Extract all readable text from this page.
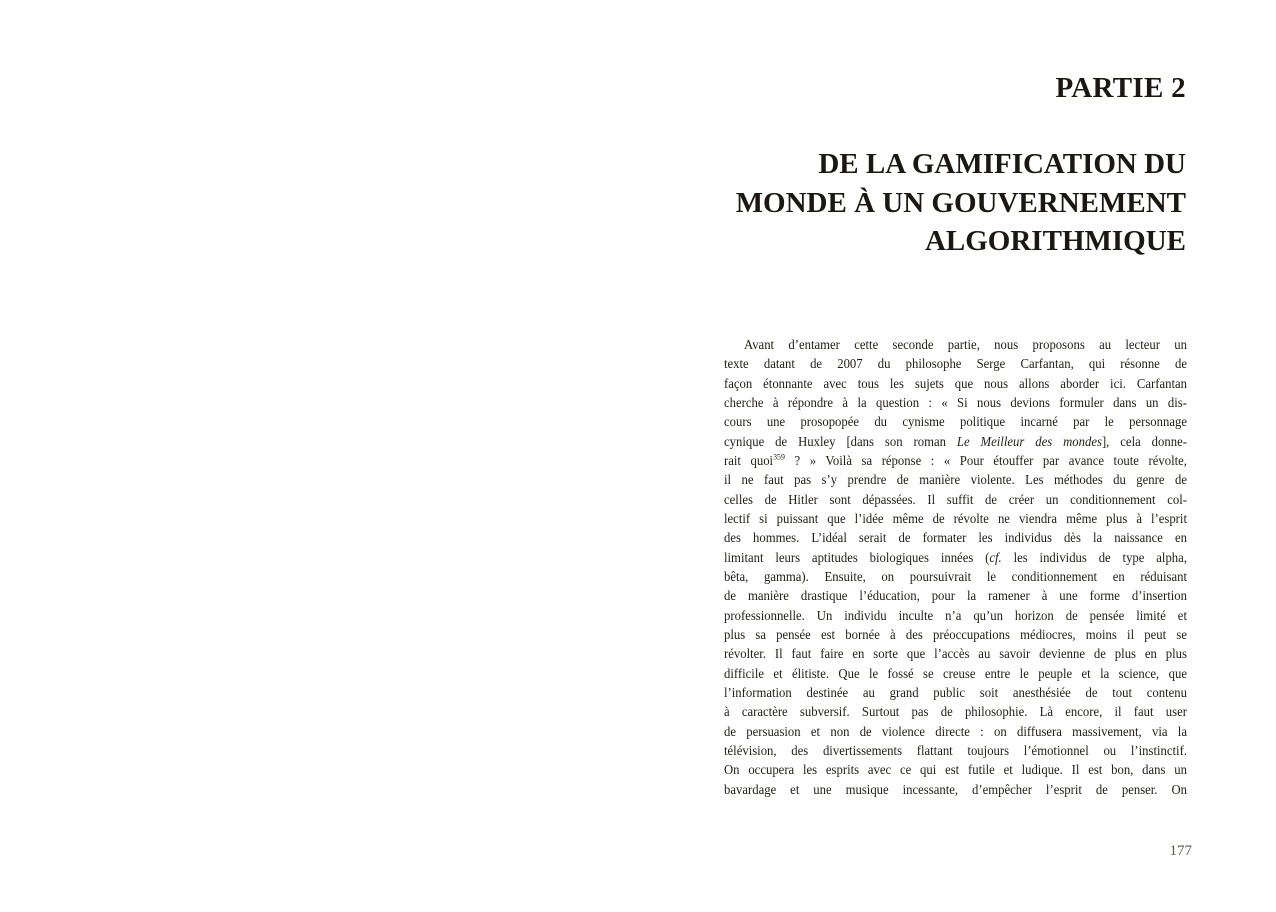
PARTIE 2
DE LA GAMIFICATION DU
MONDE À UN GOUVERNEMENT
ALGORITHMIQUE
Avant d’entamer cette seconde partie, nous proposons au lecteur un
texte datant de 2007 du philosophe Serge Carfantan, qui résonne de
façon étonnante avec tous les sujets que nous allons aborder ici. Carfantan
cherche à répondre à la question : « Si nous devions formuler dans un dis-
cours une prosopopée du cynisme politique incarné par le personnage
cynique de Huxley [dans son roman Le Meilleur des mondes], cela donne-
rait quoi$^{359}$ ? » Voilà sa réponse : « Pour étouffer par avance toute révolte,
il ne faut pas s’y prendre de manière violente. Les méthodes du genre de
celles de Hitler sont dépassées. Il suffit de créer un conditionnement col-
lectif si puissant que l’idée même de révolte ne viendra même plus à l’esprit
des hommes. L’idéal serait de formater les individus dès la naissance en
limitant leurs aptitudes biologiques innées (cf. les individus de type alpha,
bêta, gamma). Ensuite, on poursuivrait le conditionnement en réduisant
de manière drastique l’éducation, pour la ramener à une forme d’insertion
professionnelle. Un individu inculte n’a qu’un horizon de pensée limité et
plus sa pensée est bornée à des préoccupations médiocres, moins il peut se
révolter. Il faut faire en sorte que l’accès au savoir devienne de plus en plus
difficile et élitiste. Que le fossé se creuse entre le peuple et la science, que
l’information destinée au grand public soit anesthésiée de tout contenu
à caractère subversif. Surtout pas de philosophie. Là encore, il faut user
de persuasion et non de violence directe : on diffusera massivement, via la
télévision, des divertissements flattant toujours l’émotionnel ou l’instinctif.
On occupera les esprits avec ce qui est futile et ludique. Il est bon, dans un
bavardage et une musique incessante, d’empêcher l’esprit de penser. On
177
